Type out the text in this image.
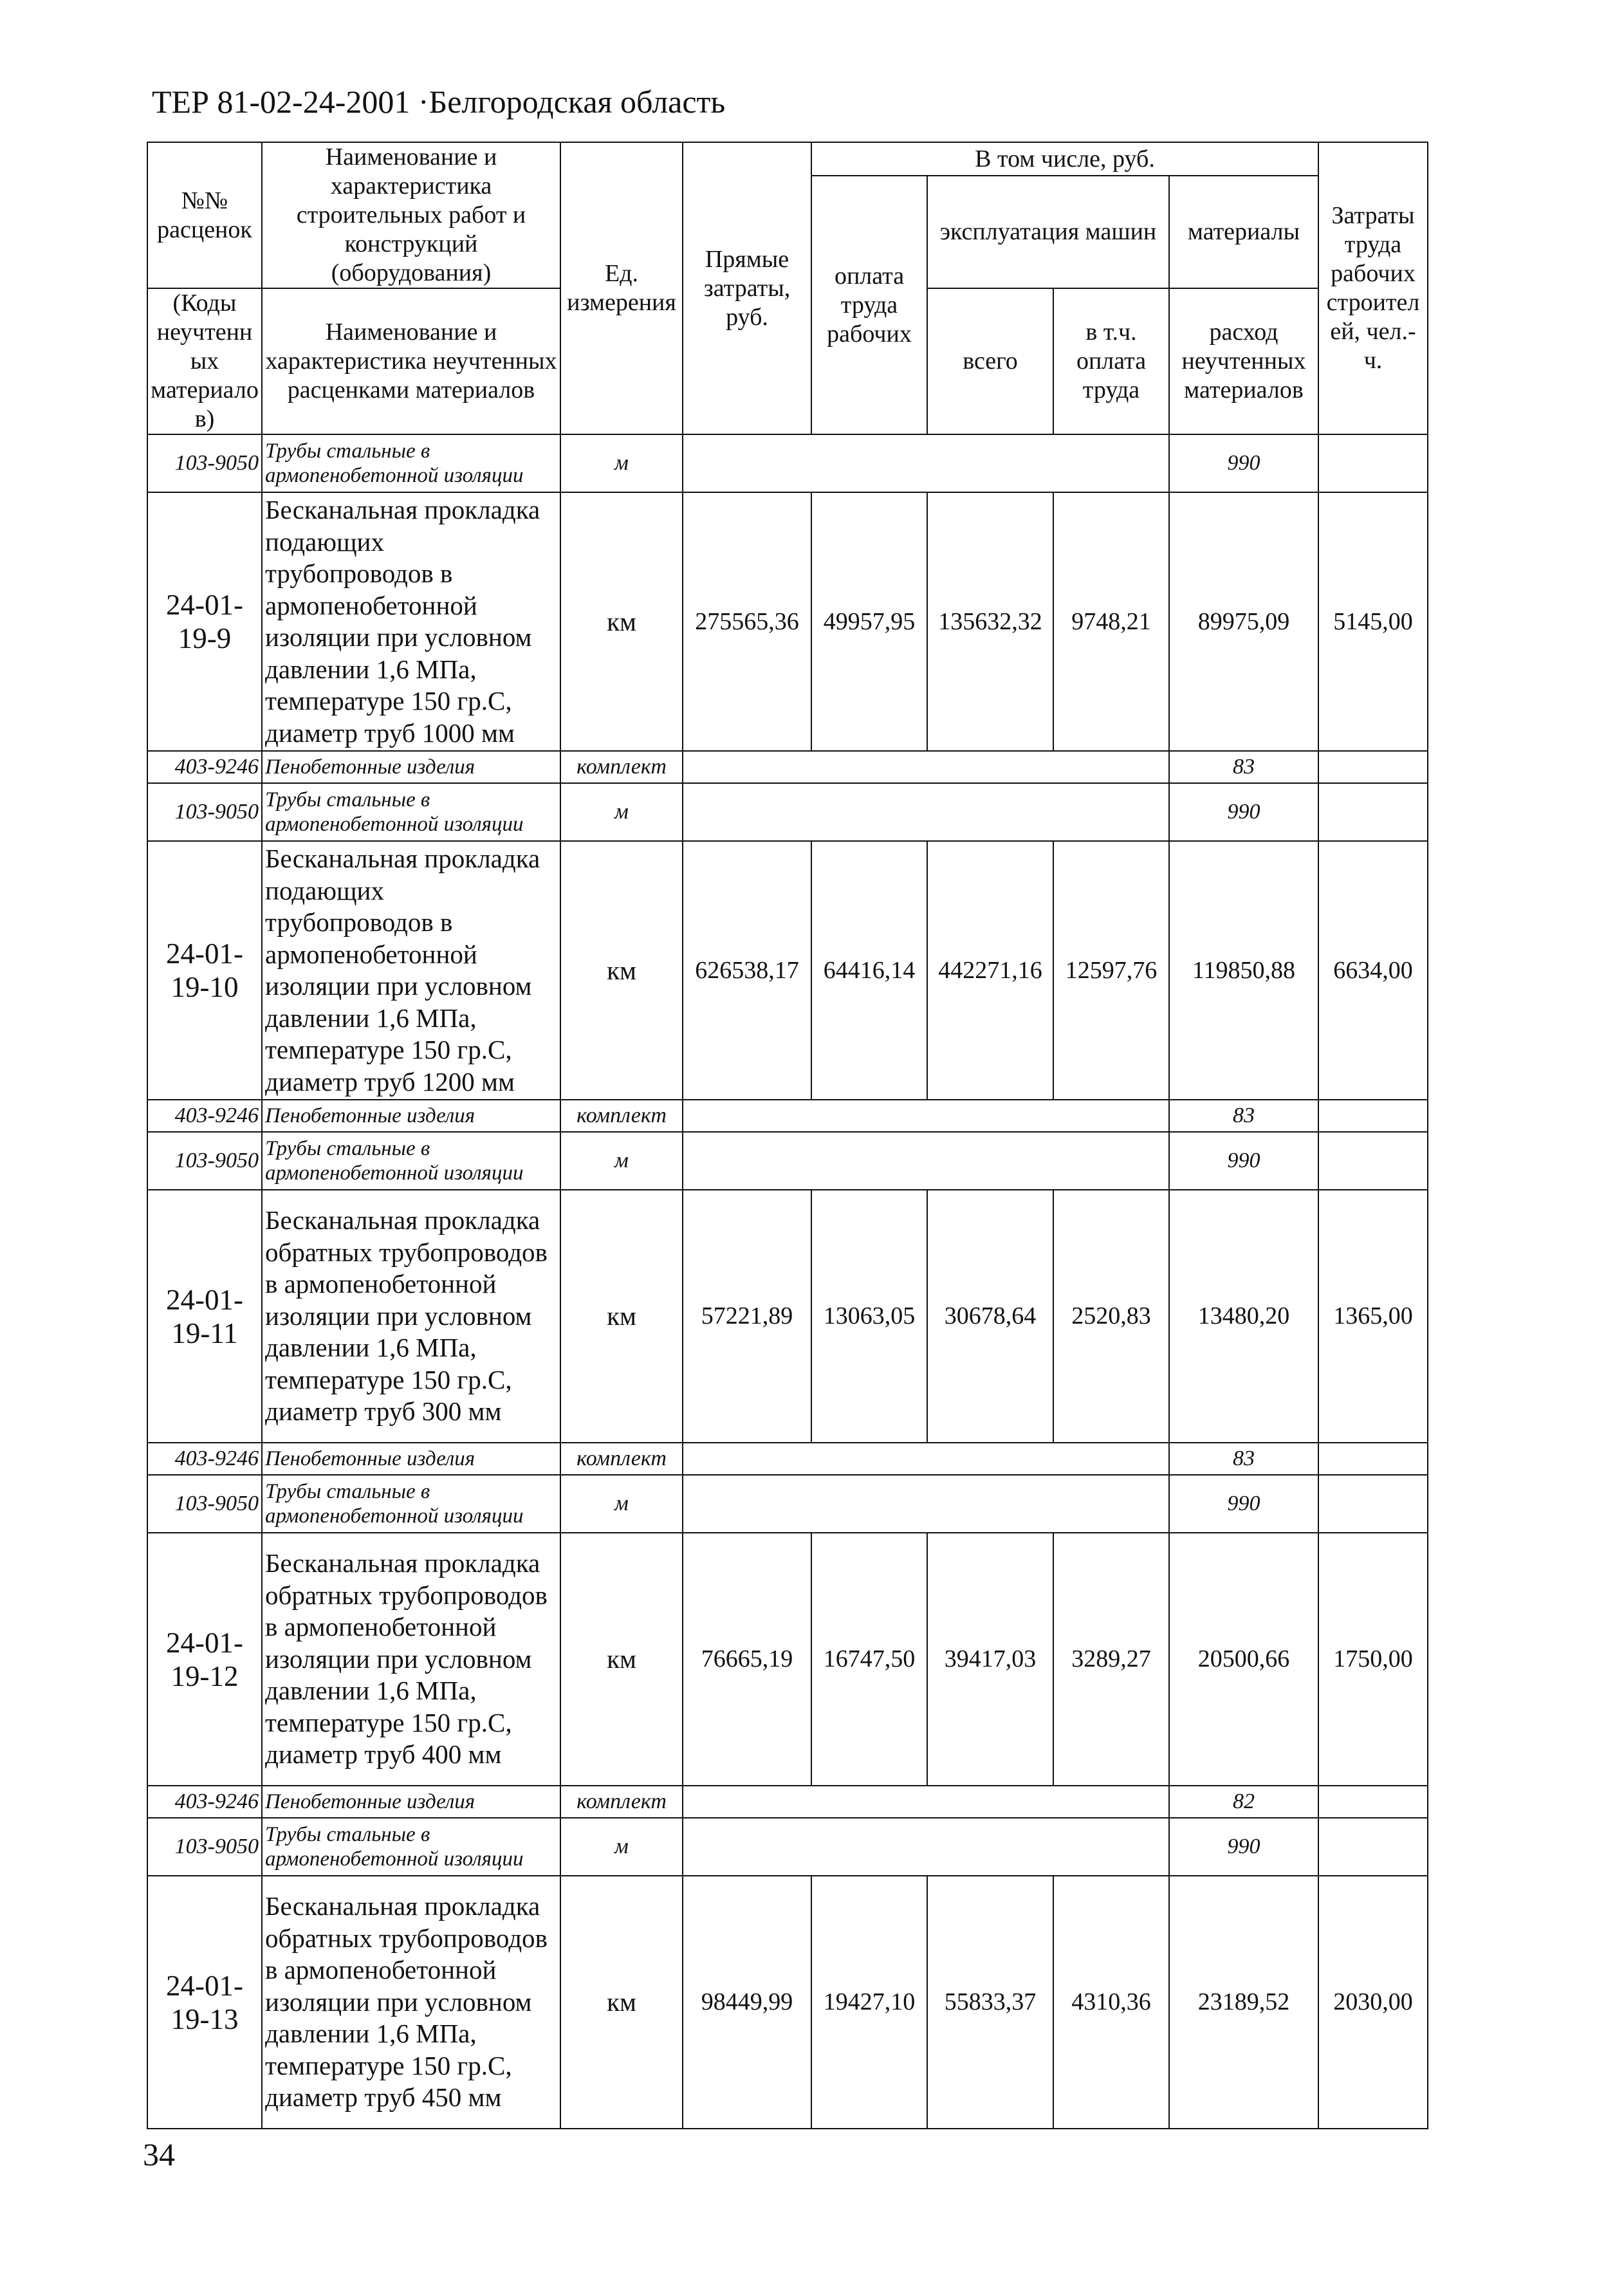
ТЕР 81-02-24-2001 ·Белгородская область
№№ расценок	Наименование и характеристика строительных работ и конструкций (оборудования)	Ед. измерения	Прямые затраты, руб.	В том числе, руб.				Затраты труда рабочих строителей, чел.-ч.
				оплата труда рабочих	эксплуатация машин		материалы	
(Коды неучтенных материалов)	Наименование и характеристика неучтенных расценками материалов				всего	в т.ч. оплата труда	расход неучтенных материалов	

103-9050	Трубы стальные в армопенобетонной изоляции	м					990	
24-01-19-9	Бесканальная прокладка подающих трубопроводов в армопенобетонной изоляции при условном давлении 1,6 МПа, температуре 150 гр.С, диаметр труб 1000 мм	км	275565,36	49957,95	135632,32	9748,21	89975,09	5145,00
403-9246	Пенобетонные изделия	комплект					83	
103-9050	Трубы стальные в армопенобетонной изоляции	м					990	
24-01-19-10	Бесканальная прокладка подающих трубопроводов в армопенобетонной изоляции при условном давлении 1,6 МПа, температуре 150 гр.С, диаметр труб 1200 мм	км	626538,17	64416,14	442271,16	12597,76	119850,88	6634,00
403-9246	Пенобетонные изделия	комплект					83	
103-9050	Трубы стальные в армопенобетонной изоляции	м					990	
24-01-19-11	Бесканальная прокладка обратных трубопроводов в армопенобетонной изоляции при условном давлении 1,6 МПа, температуре 150 гр.С, диаметр труб 300 мм	км	57221,89	13063,05	30678,64	2520,83	13480,20	1365,00
403-9246	Пенобетонные изделия	комплект					83	
103-9050	Трубы стальные в армопенобетонной изоляции	м					990	
24-01-19-12	Бесканальная прокладка обратных трубопроводов в армопенобетонной изоляции при условном давлении 1,6 МПа, температуре 150 гр.С, диаметр труб 400 мм	км	76665,19	16747,50	39417,03	3289,27	20500,66	1750,00
403-9246	Пенобетонные изделия	комплект					82	
103-9050	Трубы стальные в армопенобетонной изоляции	м					990	
24-01-19-13	Бесканальная прокладка обратных трубопроводов в армопенобетонной изоляции при условном давлении 1,6 МПа, температуре 150 гр.С, диаметр труб 450 мм	км	98449,99	19427,10	55833,37	4310,36	23189,52	2030,00
34
